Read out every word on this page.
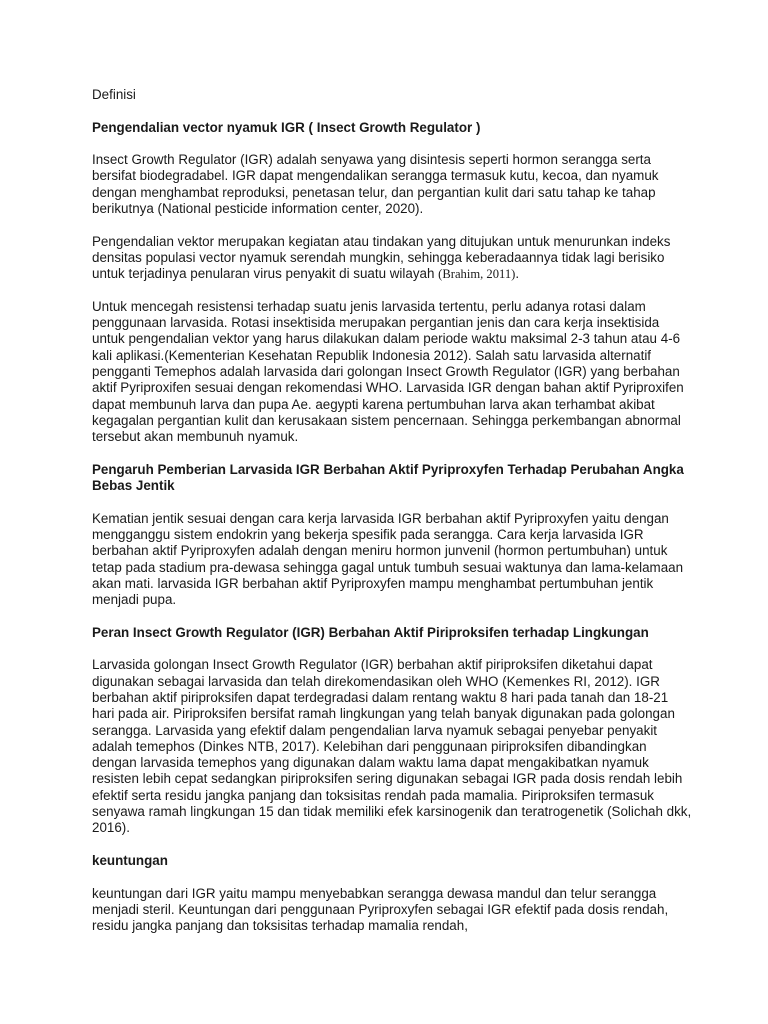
Definisi

Pengendalian vector nyamuk IGR ( Insect Growth Regulator )

Insect Growth Regulator (IGR) adalah senyawa yang disintesis seperti hormon serangga serta bersifat biodegradabel. IGR dapat mengendalikan serangga termasuk kutu, kecoa, dan nyamuk dengan menghambat reproduksi, penetasan telur, dan pergantian kulit dari satu tahap ke tahap berikutnya (National pesticide information center, 2020).

Pengendalian vektor merupakan kegiatan atau tindakan yang ditujukan untuk menurunkan indeks densitas populasi vector nyamuk serendah mungkin, sehingga keberadaannya tidak lagi berisiko untuk terjadinya penularan virus penyakit di suatu wilayah (Brahim, 2011).

Untuk mencegah resistensi terhadap suatu jenis larvasida tertentu, perlu adanya rotasi dalam penggunaan larvasida. Rotasi insektisida merupakan pergantian jenis dan cara kerja insektisida untuk pengendalian vektor yang harus dilakukan dalam periode waktu maksimal 2-3 tahun atau 4-6 kali aplikasi.(Kementerian Kesehatan Republik Indonesia 2012). Salah satu larvasida alternatif pengganti Temephos adalah larvasida dari golongan Insect Growth Regulator (IGR) yang berbahan aktif Pyriproxifen sesuai dengan rekomendasi WHO. Larvasida IGR dengan bahan aktif Pyriproxifen dapat membunuh larva dan pupa Ae. aegypti karena pertumbuhan larva akan terhambat akibat kegagalan pergantian kulit dan kerusakaan sistem pencernaan. Sehingga perkembangan abnormal tersebut akan membunuh nyamuk.

Pengaruh Pemberian Larvasida IGR Berbahan Aktif Pyriproxyfen Terhadap Perubahan Angka Bebas Jentik

Kematian jentik sesuai dengan cara kerja larvasida IGR berbahan aktif Pyriproxyfen yaitu dengan mengganggu sistem endokrin yang bekerja spesifik pada serangga. Cara kerja larvasida IGR berbahan aktif Pyriproxyfen adalah dengan meniru hormon junvenil (hormon pertumbuhan) untuk tetap pada stadium pra-dewasa sehingga gagal untuk tumbuh sesuai waktunya dan lama-kelamaan akan mati. larvasida IGR berbahan aktif Pyriproxyfen mampu menghambat pertumbuhan jentik menjadi pupa.

Peran Insect Growth Regulator (IGR) Berbahan Aktif Piriproksifen terhadap Lingkungan

Larvasida golongan Insect Growth Regulator (IGR) berbahan aktif piriproksifen diketahui dapat digunakan sebagai larvasida dan telah direkomendasikan oleh WHO (Kemenkes RI, 2012). IGR berbahan aktif piriproksifen dapat terdegradasi dalam rentang waktu 8 hari pada tanah dan 18-21 hari pada air. Piriproksifen bersifat ramah lingkungan yang telah banyak digunakan pada golongan serangga. Larvasida yang efektif dalam pengendalian larva nyamuk sebagai penyebar penyakit adalah temephos (Dinkes NTB, 2017). Kelebihan dari penggunaan piriproksifen dibandingkan dengan larvasida temephos yang digunakan dalam waktu lama dapat mengakibatkan nyamuk resisten lebih cepat sedangkan piriproksifen sering digunakan sebagai IGR pada dosis rendah lebih efektif serta residu jangka panjang dan toksisitas rendah pada mamalia. Piriproksifen termasuk senyawa ramah lingkungan 15 dan tidak memiliki efek karsinogenik dan teratrogenetik (Solichah dkk, 2016).

keuntungan

keuntungan dari IGR yaitu mampu menyebabkan serangga dewasa mandul dan telur serangga menjadi steril. Keuntungan dari penggunaan Pyriproxyfen sebagai IGR efektif pada dosis rendah, residu jangka panjang dan toksisitas terhadap mamalia rendah,
